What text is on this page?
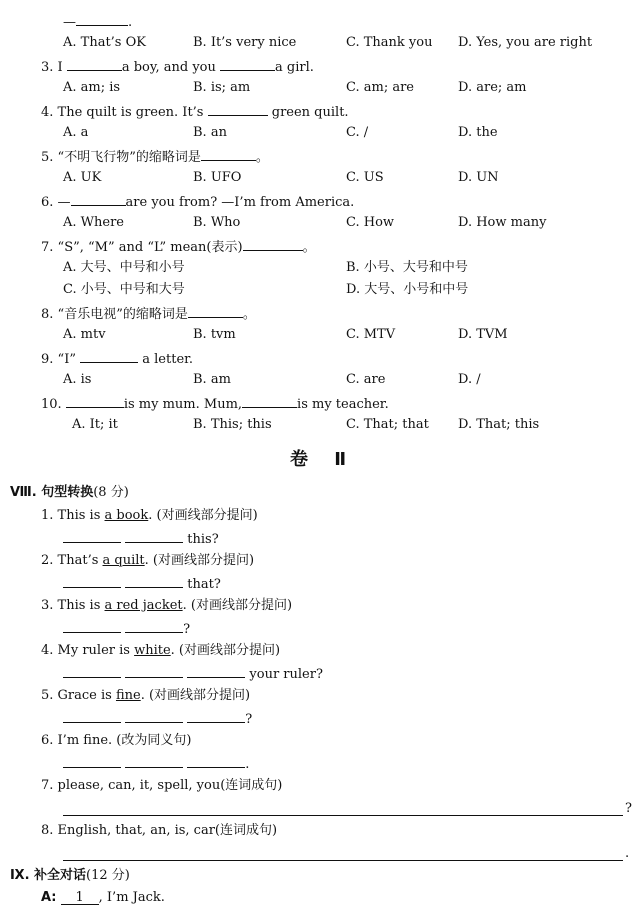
—	.
A. That’s OK	B. It’s very nice	C. Thank you D. Yes, you are right
3. I	a boy, and you	a girl.
A. am; is	B. is; am	C. am; are	D. are; am
4. The quilt is green. It’s	green quilt.
A. a	B. an	C. /	D. the
5. “不明飞行物”的缩略词是	。
A. UK	B. UFO	C. US	D. UN
6. —	are you from? —I’m from America.
A. Where	B. Who	C. How	D. How many
7. “S”, “M” and “L” mean(表示)	。
A. 大号、中号和小号	B. 小号、大号和中号
C. 小号、中号和大号	D. 大号、小号和中号
8. “音乐电视”的缩略词是	。
A. mtv	B. tvm	C. MTV	D. TVM
9. “I”	a letter.
A. is	B. am	C. are	D. /
10.	is my mum. Mum,	is my teacher.
A. It; it	B. This; this	C. That; that D. That; this
卷 Ⅱ
Ⅷ. 句型转换(8 分)
1. This is a book. (对画线部分提问)
this?
2. That’s a quilt. (对画线部分提问)
that?
3. This is a red jacket. (对画线部分提问)
?
4. My ruler is white. (对画线部分提问)
your ruler?
5. Grace is fine. (对画线部分提问)
?
6. I’m fine. (改为同义句)
.
7. please, can, it, spell, you(连词成句)
?
8. English, that, an, is, car(连词成句)
.
Ⅸ. 补全对话(12 分)
A: 1 , I’m Jack.
